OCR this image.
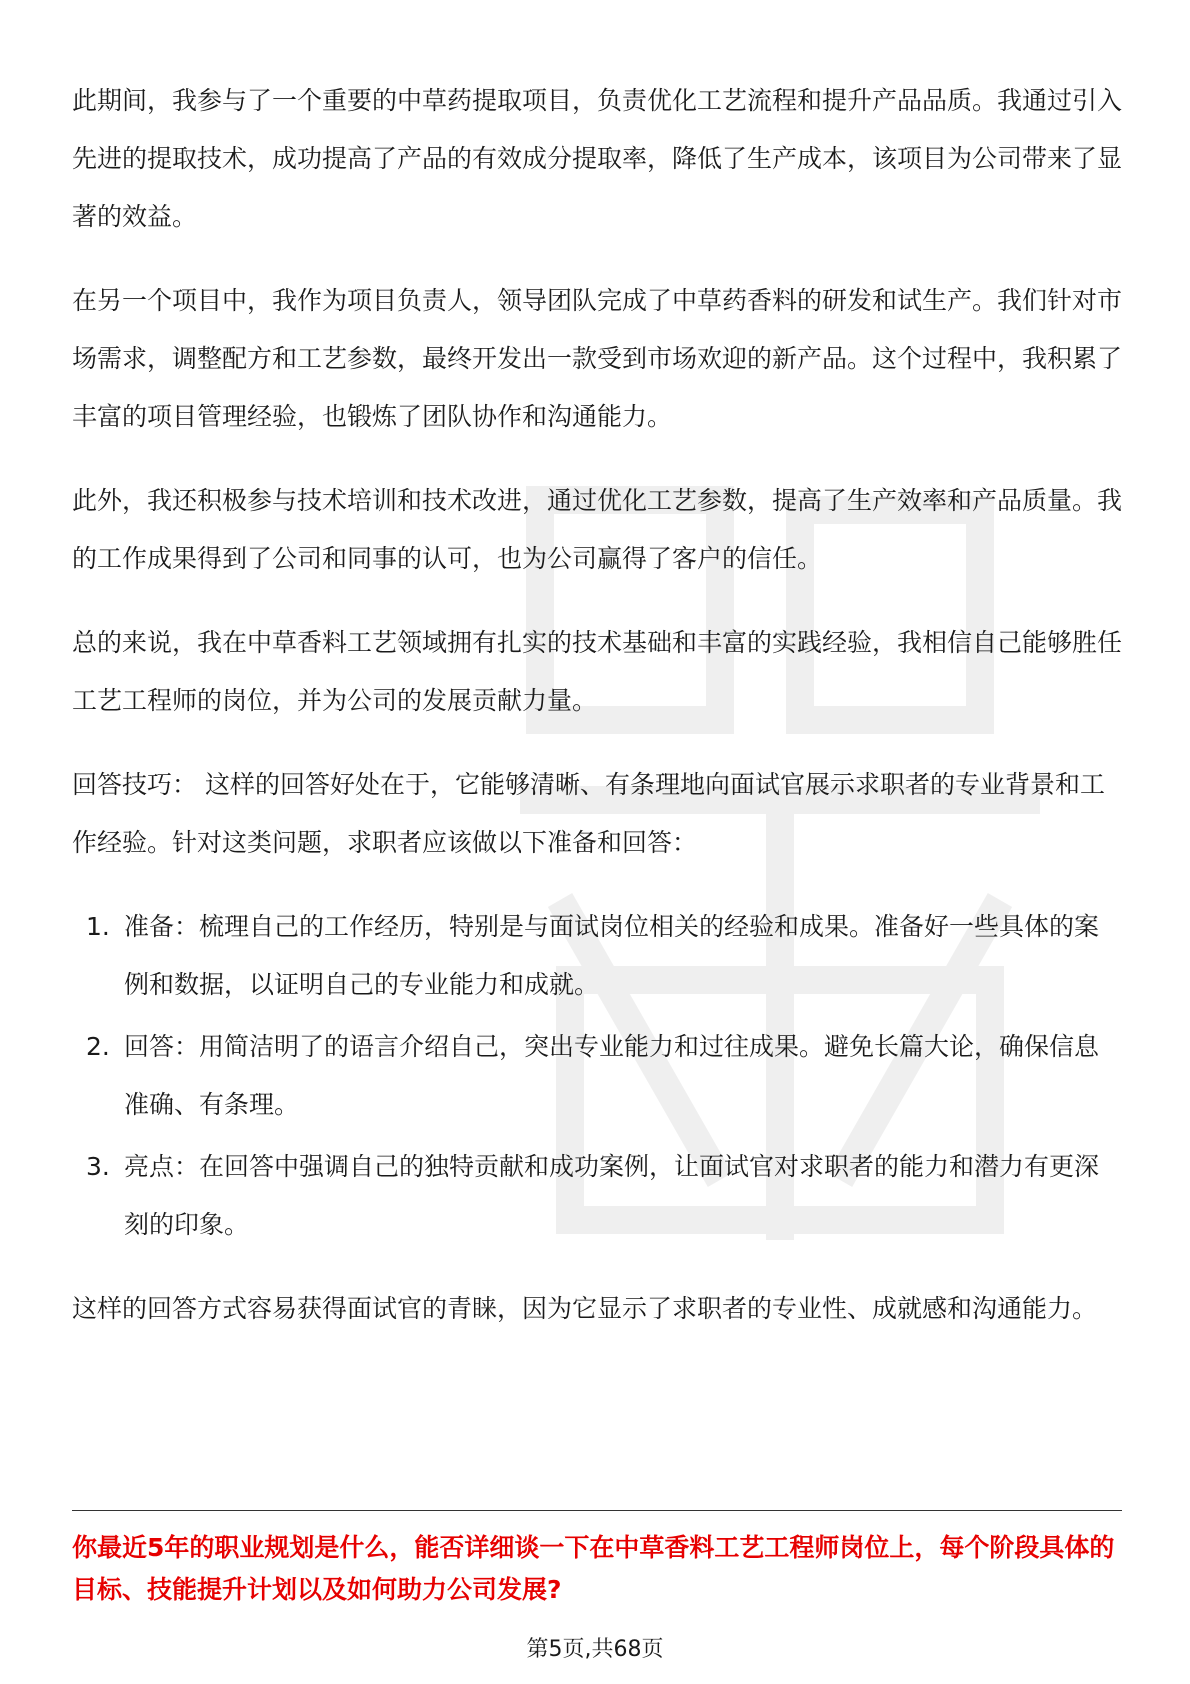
此期间，我参与了一个重要的中草药提取项目，负责优化工艺流程和提升产品品质。我通过引入先进的提取技术，成功提高了产品的有效成分提取率，降低了生产成本，该项目为公司带来了显著的效益。

在另一个项目中，我作为项目负责人，领导团队完成了中草药香料的研发和试生产。我们针对市场需求，调整配方和工艺参数，最终开发出一款受到市场欢迎的新产品。这个过程中，我积累了丰富的项目管理经验，也锻炼了团队协作和沟通能力。

此外，我还积极参与技术培训和技术改进，通过优化工艺参数，提高了生产效率和产品质量。我的工作成果得到了公司和同事的认可，也为公司赢得了客户的信任。

总的来说，我在中草香料工艺领域拥有扎实的技术基础和丰富的实践经验，我相信自己能够胜任工艺工程师的岗位，并为公司的发展贡献力量。

回答技巧： 这样的回答好处在于，它能够清晰、有条理地向面试官展示求职者的专业背景和工作经验。针对这类问题，求职者应该做以下准备和回答：

1. 准备：梳理自己的工作经历，特别是与面试岗位相关的经验和成果。准备好一些具体的案例和数据，以证明自己的专业能力和成就。
2. 回答：用简洁明了的语言介绍自己，突出专业能力和过往成果。避免长篇大论，确保信息准确、有条理。
3. 亮点：在回答中强调自己的独特贡献和成功案例，让面试官对求职者的能力和潜力有更深刻的印象。

这样的回答方式容易获得面试官的青睐，因为它显示了求职者的专业性、成就感和沟通能力。

你最近5年的职业规划是什么，能否详细谈一下在中草香料工艺工程师岗位上，每个阶段具体的目标、技能提升计划以及如何助力公司发展?
第5页,共68页
